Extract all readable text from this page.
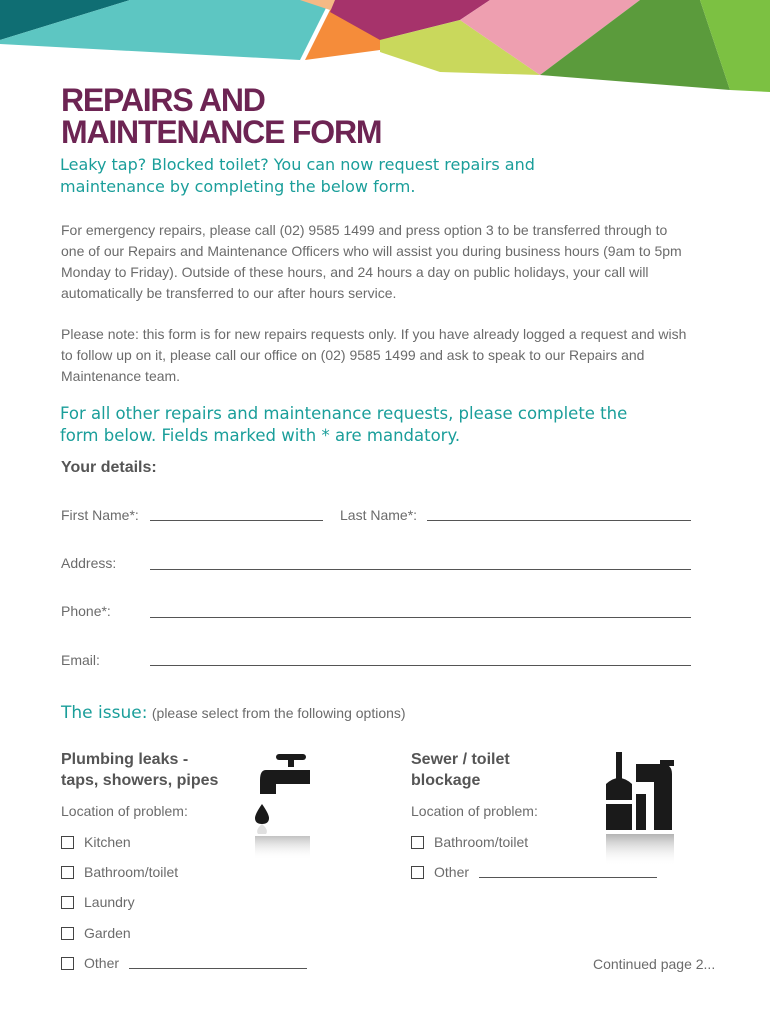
REPAIRS AND
MAINTENANCE FORM

Leaky tap? Blocked toilet? You can now request repairs and maintenance by completing the below form.

For emergency repairs, please call (02) 9585 1499 and press option 3 to be transferred through to one of our Repairs and Maintenance Officers who will assist you during business hours (9am to 5pm Monday to Friday). Outside of these hours, and 24 hours a day on public holidays, your call will automatically be transferred to our after hours service.

Please note: this form is for new repairs requests only. If you have already logged a request and wish to follow up on it, please call our office on (02) 9585 1499 and ask to speak to our Repairs and Maintenance team.

For all other repairs and maintenance requests, please complete the form below. Fields marked with * are mandatory.

Your details:

First Name*:	Last Name*:
Address:
Phone*:
Email:
The issue: (please select from the following options)
Plumbing leaks -
taps, showers, pipes
Location of problem:
Kitchen
Bathroom/toilet
Laundry
Garden
Other
Sewer / toilet
blockage
Location of problem:
Bathroom/toilet
Other
Continued page 2...
